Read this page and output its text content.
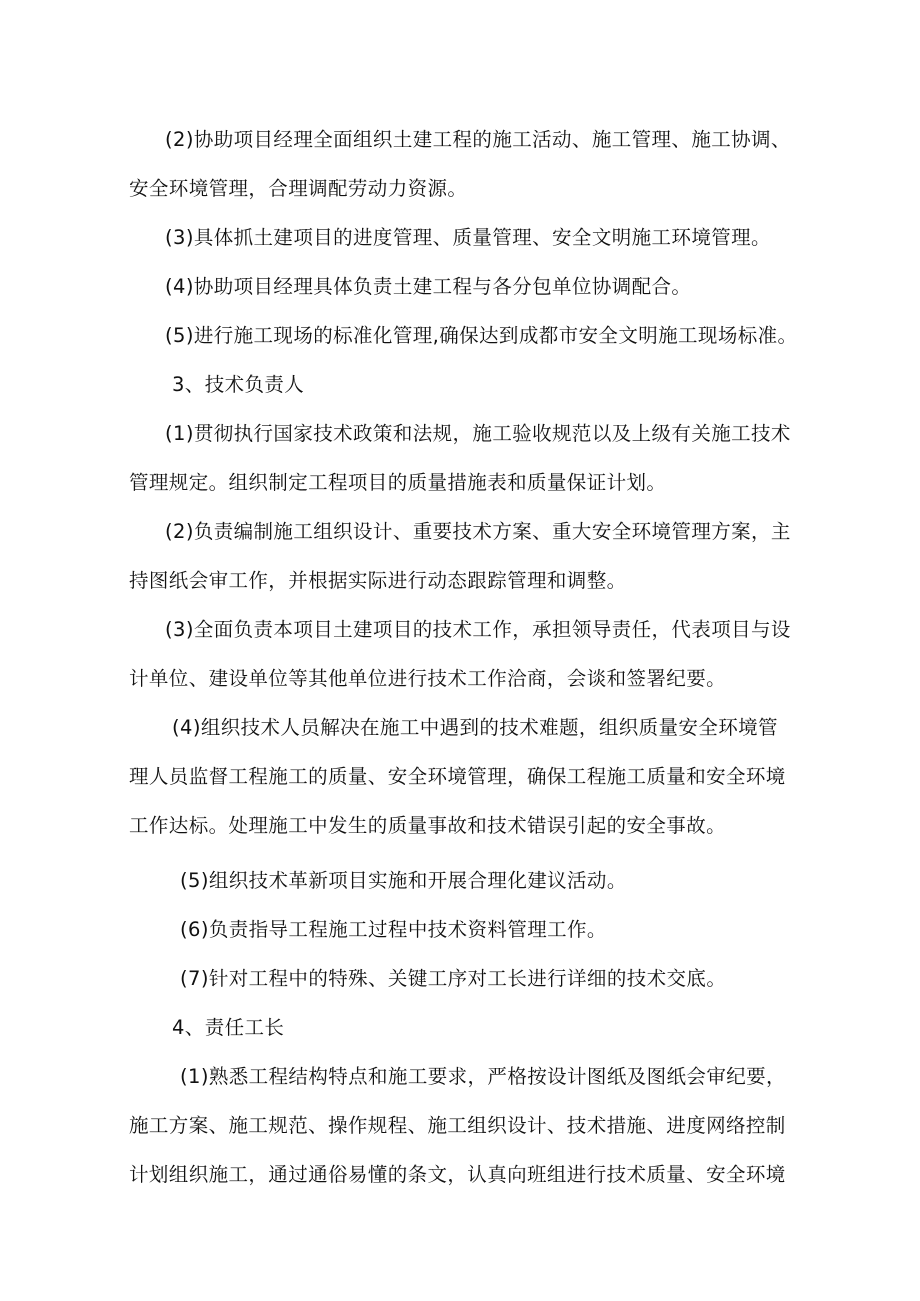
(2)协助项目经理全面组织土建工程的施工活动、施工管理、施工协调、
安全环境管理，合理调配劳动力资源。
(3)具体抓土建项目的进度管理、质量管理、安全文明施工环境管理。
(4)协助项目经理具体负责土建工程与各分包单位协调配合。
(5)进行施工现场的标准化管理,确保达到成都市安全文明施工现场标准。
3、技术负责人
(1)贯彻执行国家技术政策和法规，施工验收规范以及上级有关施工技术
管理规定。组织制定工程项目的质量措施表和质量保证计划。
(2)负责编制施工组织设计、重要技术方案、重大安全环境管理方案，主
持图纸会审工作，并根据实际进行动态跟踪管理和调整。
(3)全面负责本项目土建项目的技术工作，承担领导责任，代表项目与设
计单位、建设单位等其他单位进行技术工作洽商，会谈和签署纪要。
(4)组织技术人员解决在施工中遇到的技术难题，组织质量安全环境管
理人员监督工程施工的质量、安全环境管理，确保工程施工质量和安全环境
工作达标。处理施工中发生的质量事故和技术错误引起的安全事故。
(5)组织技术革新项目实施和开展合理化建议活动。
(6)负责指导工程施工过程中技术资料管理工作。
(7)针对工程中的特殊、关键工序对工长进行详细的技术交底。
4、责任工长
(1)熟悉工程结构特点和施工要求，严格按设计图纸及图纸会审纪要，
施工方案、施工规范、操作规程、施工组织设计、技术措施、进度网络控制
计划组织施工，通过通俗易懂的条文，认真向班组进行技术质量、安全环境
